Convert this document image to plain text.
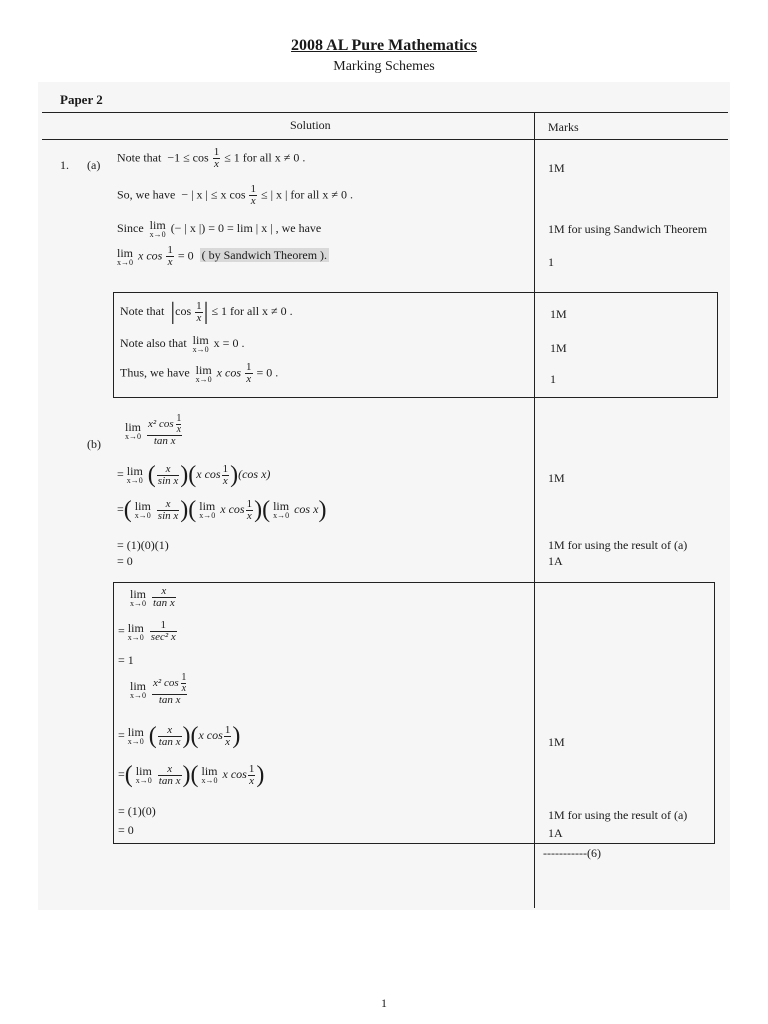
2008 AL Pure Mathematics
Marking Schemes
Paper 2
Solution	Marks
1. (a)
Note that $-1 \le \cos \frac{1}{x} \le 1$ for all x ≠ 0 .
So, we have − | x | ≤ x $\cos \frac{1}{x}$ ≤ | x | for all x ≠ 0 .
Since lim
x→0 (− | x |) = 0 = lim | x | , we have
lim
x→0 x $\cos \frac{1}{x} = 0$ ( by Sandwich Theorem ).
1M
1M for using Sandwich Theorem
1
Note that $|\cos \frac{1}{x}$ | ≤ 1 for all x ≠ 0 .
Note also that lim
x→0 x = 0 .
Thus, we have lim
x→0 x $\cos \frac{1}{x} = 0$ .
1M
1M
1
(b)
lim
x→0
$\frac{x^2 \cos \frac{1}{x}}{\text{tan x}}$
= lim
x→0 ( $\frac{x}{\text{sin x}} )(x$ $\cos \frac{1}{x} )(\cos$ x)
=( lim
x→0
$\frac{x}{\text{sin x}}$ )( lim
x→0 x $\cos \frac{1}{x}$ )( lim
x→0 cos x)
= (1)(0)(1)
= 0
1M
1M for using the result of (a)
1A
lim
x→0
$\frac{x}{\text{tan x}}$
= lim
x→0
$\frac{1}{\text{sec² x}}$
= 1
lim
x→0
$\frac{x^2 \cos \frac{1}{x}}{\text{tan x}}$
= lim
x→0 ( $\frac{x}{\text{tan x}} )(x$ $\cos \frac{1}{x}$ )
=( lim
x→0
$\frac{x}{\text{tan x}}$ )( lim
x→0 x $\cos \frac{1}{x}$ )
= (1)(0)
= 0
1M
1M for using the result of (a)
1A
-----------(6)
1
